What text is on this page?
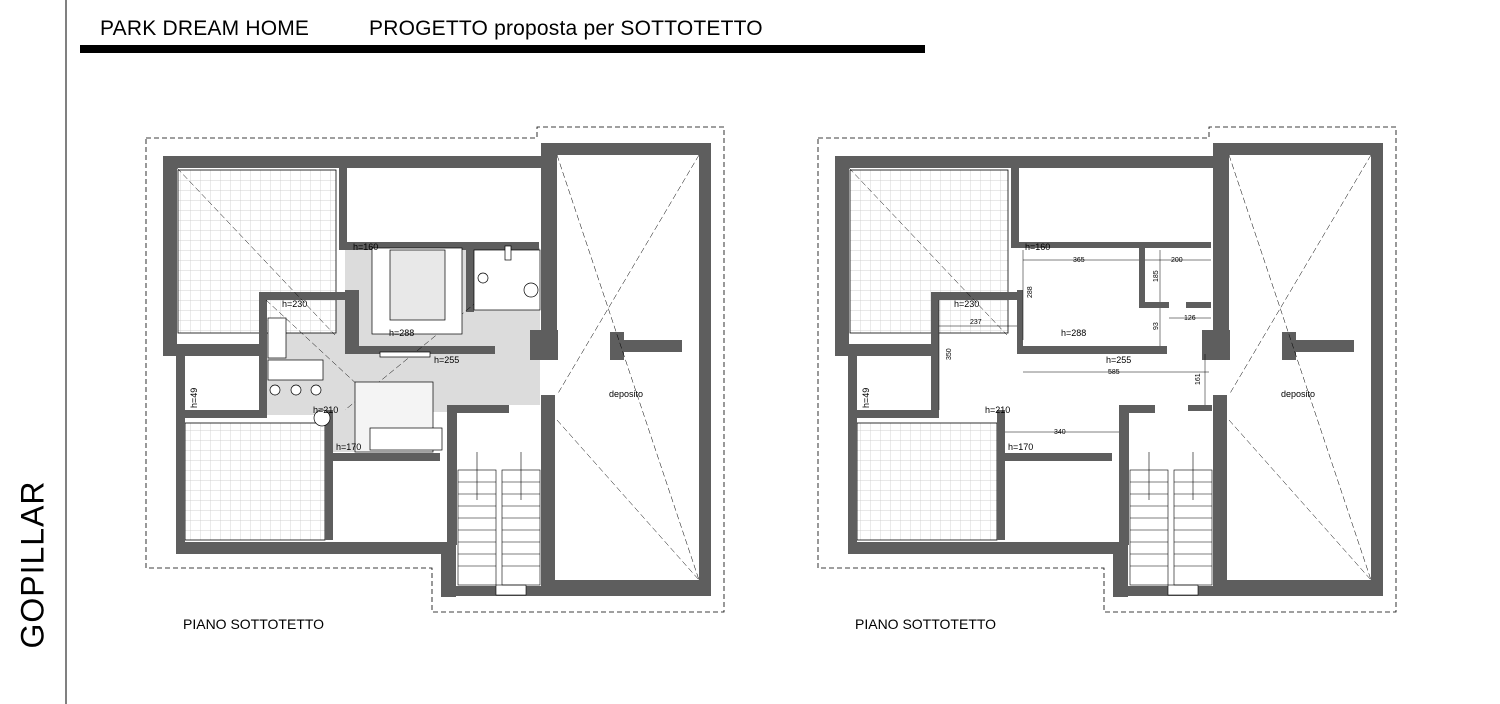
PARK DREAM HOME	PROGETTO proposta per SOTTOTETTO
GOPILLAR
h=160
h=230
h=288
h=255
h=210
h=170
h=49	deposito
PIANO SOTTOTETTO
h=160
h=230
h=288
h=255
h=210
h=170
h=49	deposito
365	200
185
288
237	93
126
350
585
161
340
PIANO SOTTOTETTO
